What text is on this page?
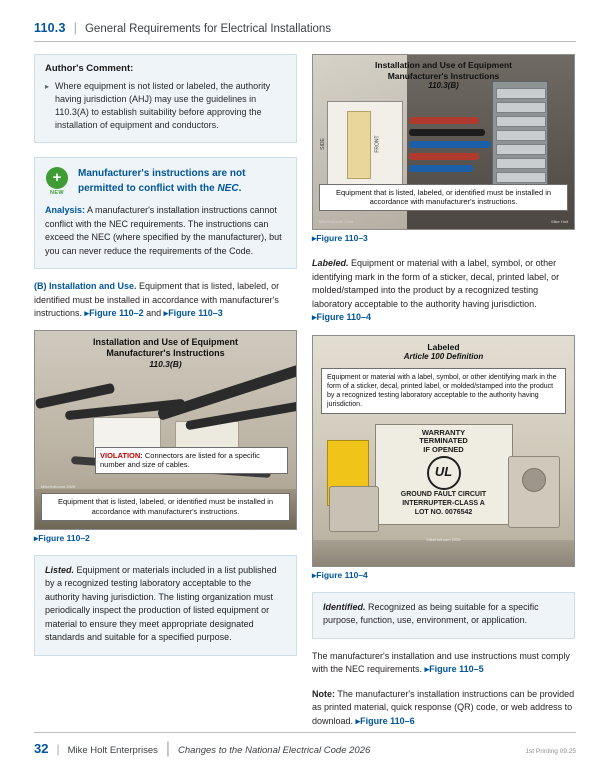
110.3 | General Requirements for Electrical Installations
Author's Comment:
▸ Where equipment is not listed or labeled, the authority having jurisdiction (AHJ) may use the guidelines in 110.3(A) to establish suitability before approving the installation of equipment and conductors.
+
NEW
Manufacturer's instructions are not permitted to conflict with the NEC.
Analysis: A manufacturer's installation instructions cannot conflict with the NEC requirements. The instructions can exceed the NEC (where specified by the manufacturer), but you can never reduce the requirements of the Code.

(B) Installation and Use. Equipment that is listed, labeled, or identified must be installed in accordance with manufacturer's instructions. ▸Figure 110–2 and ▸Figure 110–3

Installation and Use of Equipment
Manufacturer's Instructions
110.3(B)
VIOLATION: Connectors are listed for a specific number and size of cables.
Equipment that is listed, labeled, or identified must be installed in accordance with manufacturer's instructions.
MikeHolt.com 2026
▸Figure 110–2
Listed. Equipment or materials included in a list published by a recognized testing laboratory acceptable to the authority having jurisdiction. The listing organization must periodically inspect the production of listed equipment or material to ensure they meet appropriate designated standards and suitable for a specified purpose.
SIDE	FRONT
Installation and Use of Equipment
Manufacturer's Instructions
110.3(B)
Equipment that is listed, labeled, or identified must be installed in accordance with manufacturer's instructions.
MikeHolt.com 2026	Mike Holt
▸Figure 110–3

Labeled. Equipment or material with a label, symbol, or other identifying mark in the form of a sticker, decal, printed label, or molded/stamped into the product by a recognized testing laboratory acceptable to the authority having jurisdiction. ▸Figure 110–4

Labeled
Article 100 Definition
Equipment or material with a label, symbol, or other identifying mark in the form of a sticker, decal, printed label, or molded/stamped into the product by a recognized testing laboratory acceptable to the authority having jurisdiction.
WARRANTY
TERMINATED
IF OPENED
UL
GROUND FAULT CIRCUIT
INTERRUPTER-CLASS A
LOT NO. 0076542
MikeHolt.com 2026
▸Figure 110–4
Identified. Recognized as being suitable for a specific purpose, function, use, environment, or application.

The manufacturer's installation and use instructions must comply with the NEC requirements. ▸Figure 110–5

Note: The manufacturer's installation instructions can be provided as printed material, quick response (QR) code, or web address to download. ▸Figure 110–6

32 | Mike Holt Enterprises | Changes to the National Electrical Code 2026	1st Printing 09.25
